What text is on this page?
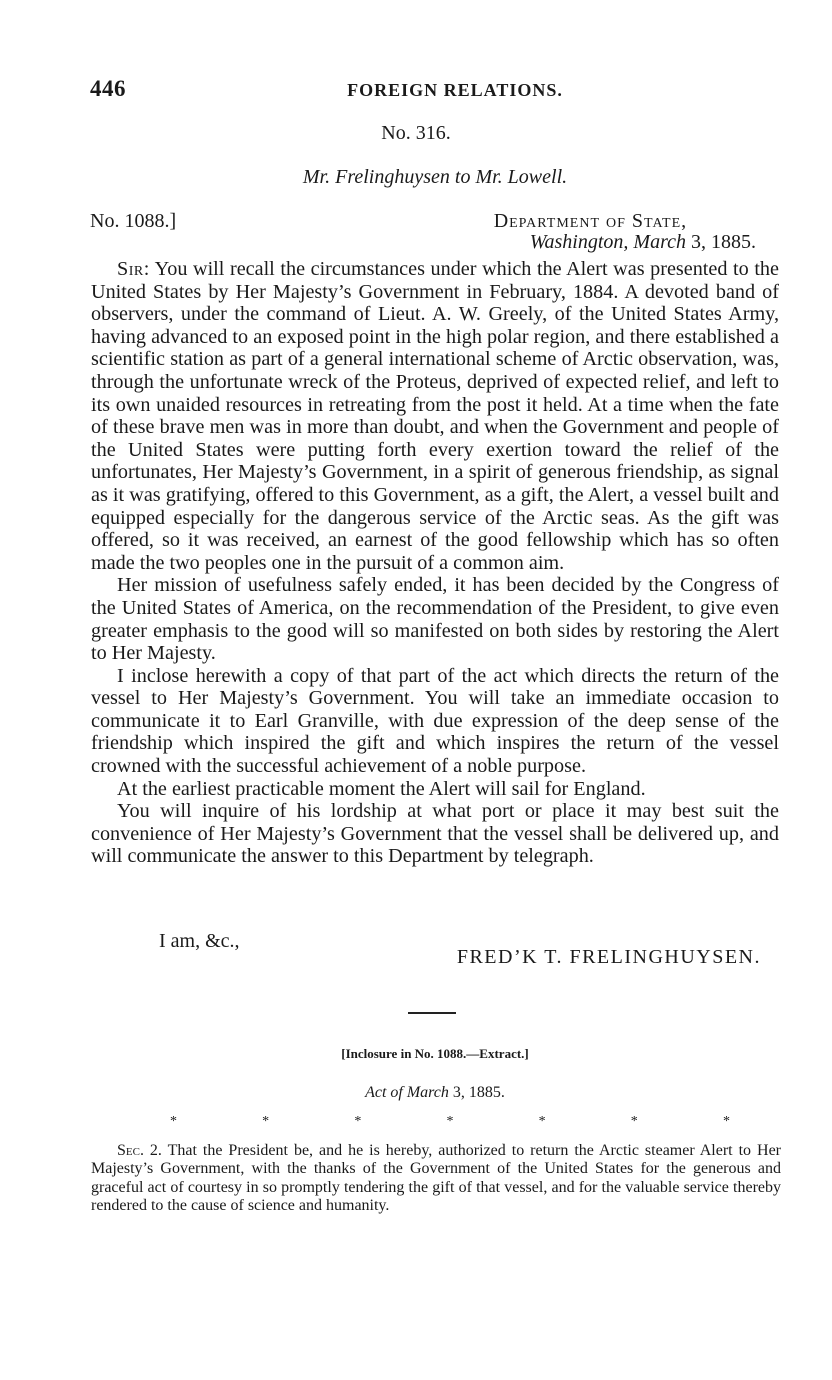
446	FOREIGN RELATIONS.
No. 316.
Mr. Frelinghuysen to Mr. Lowell.
No. 1088.]	Department of State,
Washington, March 3, 1885.

Sir: You will recall the circumstances under which the Alert was presented to the United States by Her Majesty’s Government in February, 1884. A devoted band of observers, under the command of Lieut. A. W. Greely, of the United States Army, having advanced to an exposed point in the high polar region, and there established a scientific station as part of a general international scheme of Arctic observation, was, through the unfortunate wreck of the Proteus, deprived of expected relief, and left to its own unaided resources in retreating from the post it held. At a time when the fate of these brave men was in more than doubt, and when the Government and people of the United States were putting forth every exertion toward the relief of the unfortunates, Her Majesty’s Government, in a spirit of generous friendship, as signal as it was gratifying, offered to this Government, as a gift, the Alert, a vessel built and equipped especially for the dangerous service of the Arctic seas. As the gift was offered, so it was received, an earnest of the good fellowship which has so often made the two peoples one in the pursuit of a common aim.

Her mission of usefulness safely ended, it has been decided by the Congress of the United States of America, on the recommendation of the President, to give even greater emphasis to the good will so manifested on both sides by restoring the Alert to Her Majesty.

I inclose herewith a copy of that part of the act which directs the return of the vessel to Her Majesty’s Government. You will take an immediate occasion to communicate it to Earl Granville, with due expression of the deep sense of the friendship which inspired the gift and which inspires the return of the vessel crowned with the successful achievement of a noble purpose.

At the earliest practicable moment the Alert will sail for England.

You will inquire of his lordship at what port or place it may best suit the convenience of Her Majesty’s Government that the vessel shall be delivered up, and will communicate the answer to this Department by telegraph.

I am, &c.,
FRED’K T. FRELINGHUYSEN.
[Inclosure in No. 1088.—Extract.]
Act of March 3, 1885.
*	*	*	*	*	*	*

Sec. 2. That the President be, and he is hereby, authorized to return the Arctic steamer Alert to Her Majesty’s Government, with the thanks of the Government of the United States for the generous and graceful act of courtesy in so promptly tendering the gift of that vessel, and for the valuable service thereby rendered to the cause of science and humanity.
